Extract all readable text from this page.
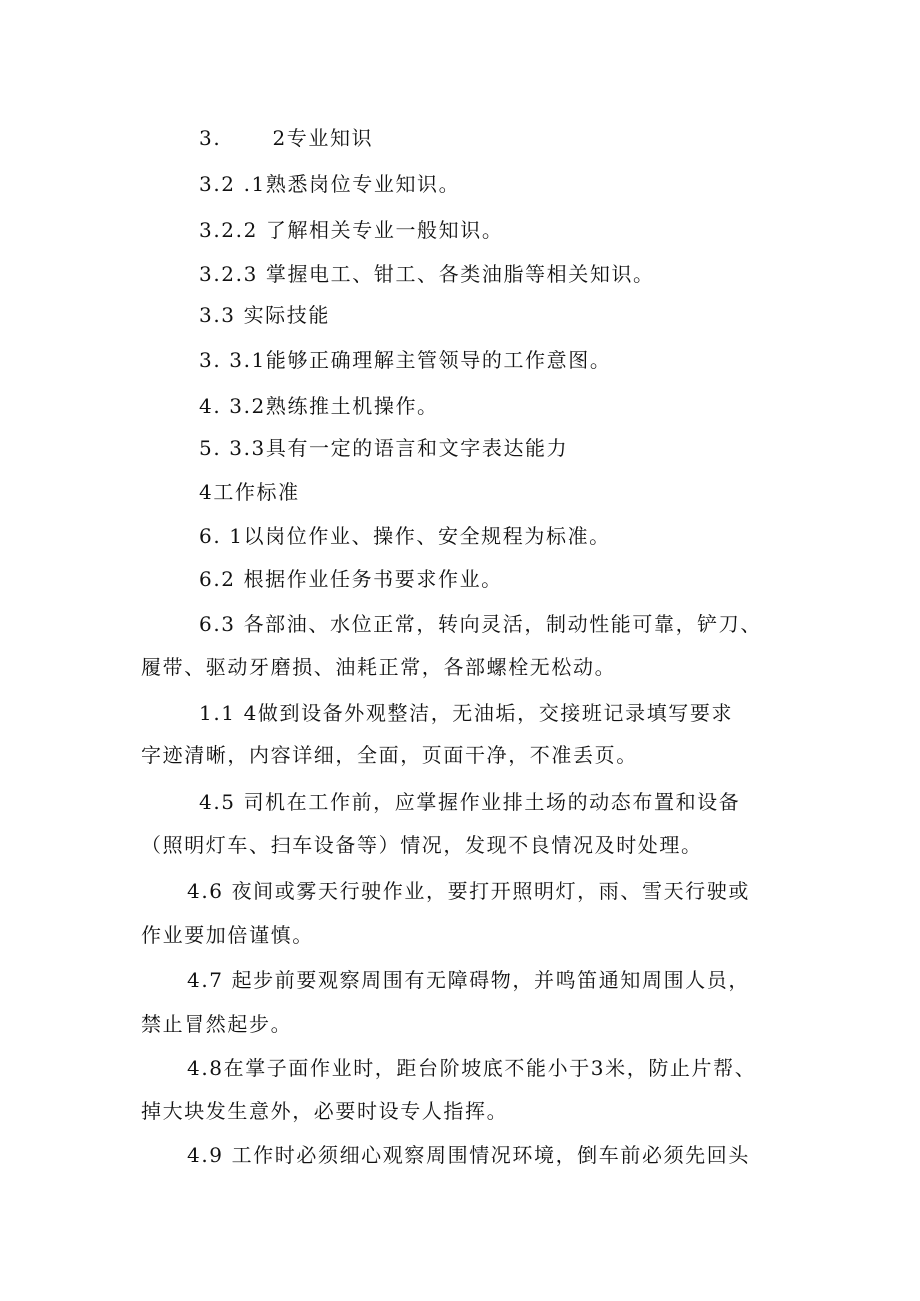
3.　　 2专业知识
3.2 .1熟悉岗位专业知识。
3.2.2 了解相关专业一般知识。
3.2.3 掌握电工、钳工、各类油脂等相关知识。
3.3 实际技能
3. 3.1能够正确理解主管领导的工作意图。
4. 3.2熟练推土机操作。
5. 3.3具有一定的语言和文字表达能力
4工作标准
6. 1以岗位作业、操作、安全规程为标准。
6.2 根据作业任务书要求作业。
6.3 各部油、水位正常，转向灵活，制动性能可靠，铲刀、
履带、驱动牙磨损、油耗正常，各部螺栓无松动。
1.1 4做到设备外观整洁，无油垢，交接班记录填写要求
字迹清晰，内容详细，全面，页面干净，不准丢页。
4.5 司机在工作前，应掌握作业排土场的动态布置和设备
（照明灯车、扫车设备等）情况，发现不良情况及时处理。
4.6 夜间或雾天行驶作业，要打开照明灯，雨、雪天行驶或
作业要加倍谨慎。
4.7 起步前要观察周围有无障碍物，并鸣笛通知周围人员，
禁止冒然起步。
4.8在掌子面作业时，距台阶坡底不能小于3米，防止片帮、
掉大块发生意外，必要时设专人指挥。
4.9 工作时必须细心观察周围情况环境，倒车前必须先回头
